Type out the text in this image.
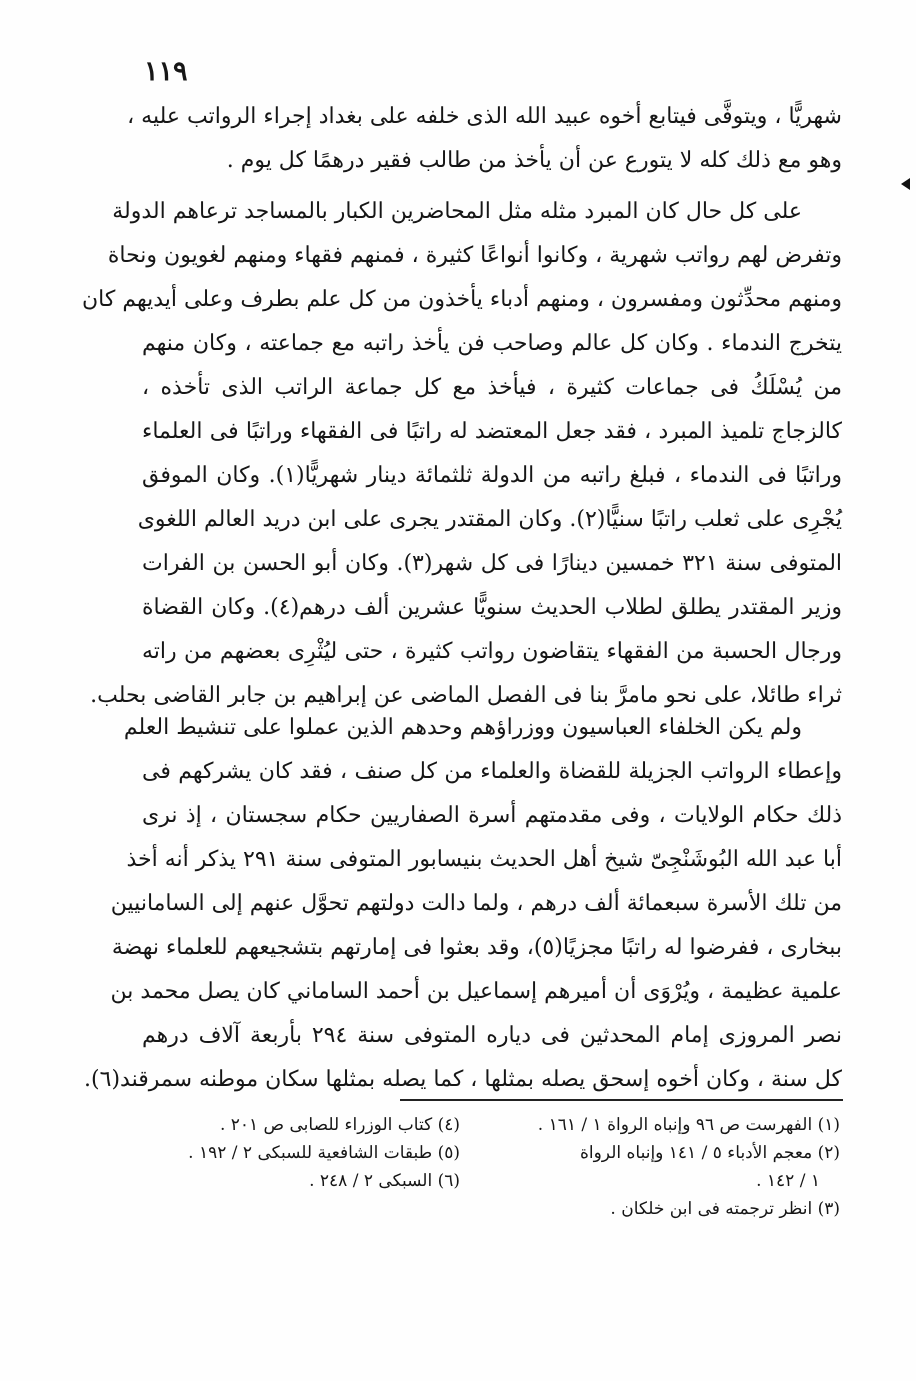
١١٩
شهريًّا ، ويتوفَّى فيتابع أخوه عبيد الله الذى خلفه على بغداد إجراء الرواتب عليه ،
وهو مع ذلك كله لا يتورع عن أن يأخذ من طالب فقير درهمًا كل يوم .
على كل حال كان المبرد مثله مثل المحاضرين الكبار بالمساجد ترعاهم الدولة
وتفرض لهم رواتب شهرية ، وكانوا أنواعًا كثيرة ، فمنهم فقهاء ومنهم لغويون ونحاة
ومنهم محدِّثون ومفسرون ، ومنهم أدباء يأخذون من كل علم بطرف وعلى أيديهم كان
يتخرج الندماء . وكان كل عالم وصاحب فن يأخذ راتبه مع جماعته ، وكان منهم
من يُسْلَكُ فى جماعات كثيرة ، فيأخذ مع كل جماعة الراتب الذى تأخذه ،
كالزجاج تلميذ المبرد ، فقد جعل المعتضد له راتبًا فى الفقهاء وراتبًا فى العلماء
وراتبًا فى الندماء ، فبلغ راتبه من الدولة ثلثمائة دينار شهريًّا(١). وكان الموفق
يُجْرِى على ثعلب راتبًا سنيًّا(٢). وكان المقتدر يجرى على ابن دريد العالم اللغوى
المتوفى سنة ٣٢١ خمسين دينارًا فى كل شهر(٣). وكان أبو الحسن بن الفرات
وزير المقتدر يطلق لطلاب الحديث سنويًّا عشرين ألف درهم(٤). وكان القضاة
ورجال الحسبة من الفقهاء يتقاضون رواتب كثيرة ، حتى ليُثْرِى بعضهم من راته
ثراء طائلا، على نحو مامرَّ بنا فى الفصل الماضى عن إبراهيم بن جابر القاضى بحلب.
ولم يكن الخلفاء العباسيون ووزراؤهم وحدهم الذين عملوا على تنشيط العلم
وإعطاء الرواتب الجزيلة للقضاة والعلماء من كل صنف ، فقد كان يشركهم فى
ذلك حكام الولايات ، وفى مقدمتهم أسرة الصفاريين حكام سجستان ، إذ نرى
أبا عبد الله البُوشَنْجِىّ شيخ أهل الحديث بنيسابور المتوفى سنة ٢٩١ يذكر أنه أخذ
من تلك الأسرة سبعمائة ألف درهم ، ولما دالت دولتهم تحوَّل عنهم إلى السامانيين
ببخارى ، ففرضوا له راتبًا مجزيًا(٥)، وقد بعثوا فى إمارتهم بتشجيعهم للعلماء نهضة
علمية عظيمة ، ويُرْوَى أن أميرهم إسماعيل بن أحمد الساماني كان يصل محمد بن
نصر المروزى إمام المحدثين فى دياره المتوفى سنة ٢٩٤ بأربعة آلاف درهم
كل سنة ، وكان أخوه إسحق يصله بمثلها ، كما يصله بمثلها سكان موطنه سمرقند(٦).
(١) الفهرست ص ٩٦ وإنباه الرواة ١ / ١٦١ .
(٢) معجم الأدباء ٥ / ١٤١ وإنباه الرواة
١ / ١٤٢ .
(٣) انظر ترجمته فى ابن خلكان .
(٤) كتاب الوزراء للصابى ص ٢٠١ .
(٥) طبقات الشافعية للسبكى ٢ / ١٩٢ .
(٦) السبكى ٢ / ٢٤٨ .
